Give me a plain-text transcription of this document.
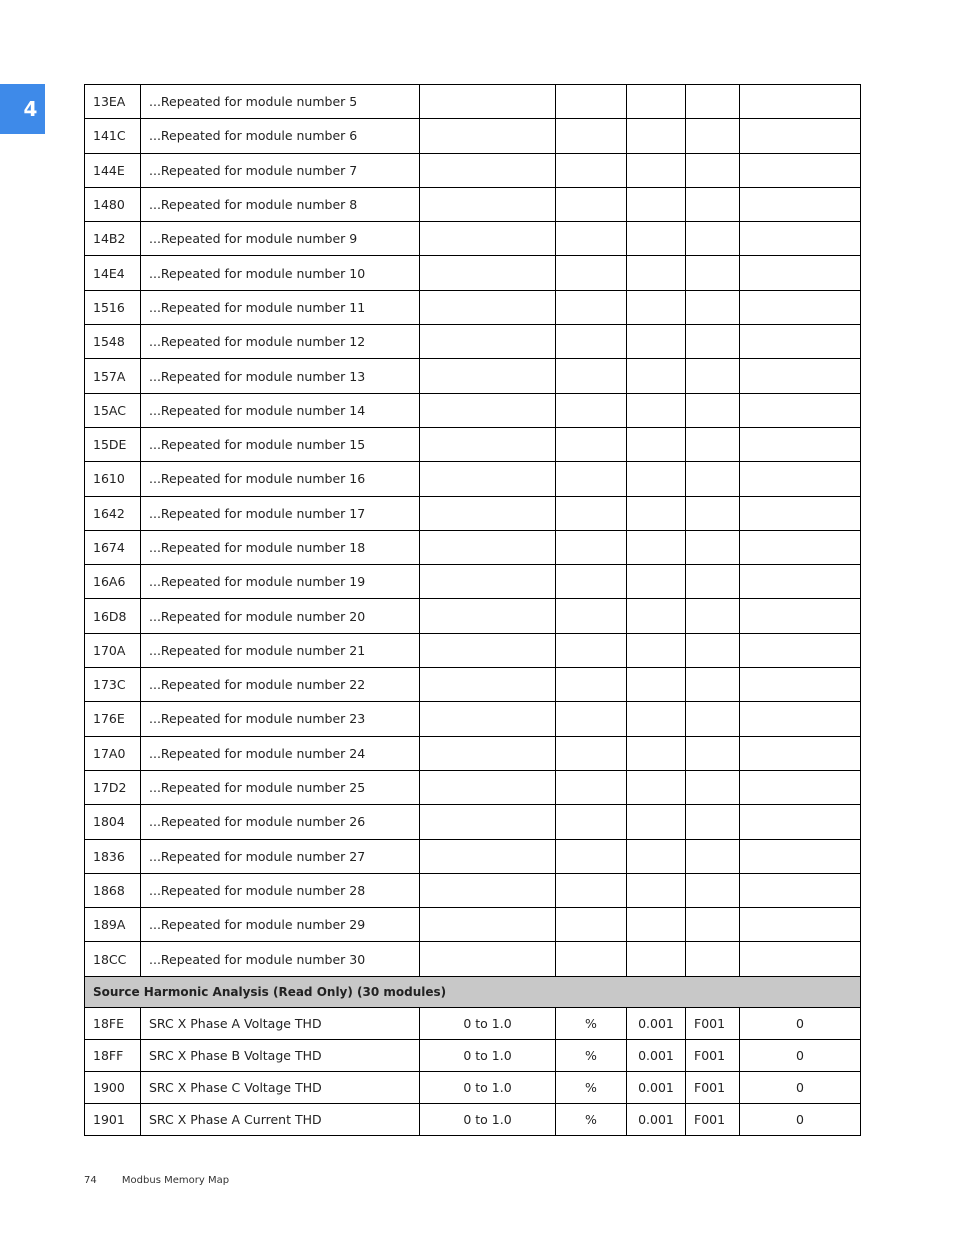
4	13EA	...Repeated for module number 5					
141C	...Repeated for module number 6					
144E	...Repeated for module number 7					
1480	...Repeated for module number 8					
14B2	...Repeated for module number 9					
14E4	...Repeated for module number 10					
1516	...Repeated for module number 11					
1548	...Repeated for module number 12					
157A	...Repeated for module number 13					
15AC	...Repeated for module number 14					
15DE	...Repeated for module number 15					
1610	...Repeated for module number 16					
1642	...Repeated for module number 17					
1674	...Repeated for module number 18					
16A6	...Repeated for module number 19					
16D8	...Repeated for module number 20					
170A	...Repeated for module number 21					
173C	...Repeated for module number 22					
176E	...Repeated for module number 23					
17A0	...Repeated for module number 24					
17D2	...Repeated for module number 25					
1804	...Repeated for module number 26					
1836	...Repeated for module number 27					
1868	...Repeated for module number 28					
189A	...Repeated for module number 29					
18CC	...Repeated for module number 30					
Source Harmonic Analysis (Read Only) (30 modules)						
18FE	SRC X Phase A Voltage THD	0 to 1.0	%	0.001	F001	0
18FF	SRC X Phase B Voltage THD	0 to 1.0	%	0.001	F001	0
1900	SRC X Phase C Voltage THD	0 to 1.0	%	0.001	F001	0
1901	SRC X Phase A Current THD	0 to 1.0	%	0.001	F001	0
74	Modbus Memory Map
